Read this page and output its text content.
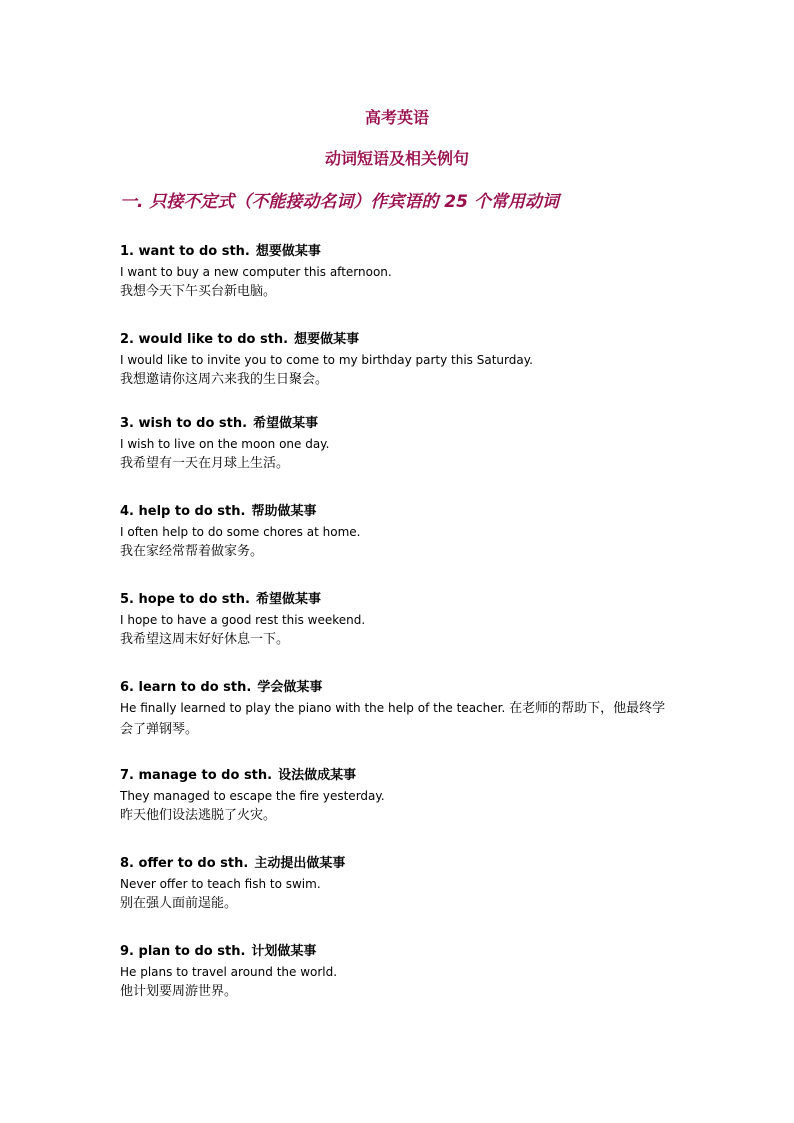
高考英语
动词短语及相关例句
一. 只接不定式（不能接动名词）作宾语的 25 个常用动词
1. want to do sth. 想要做某事
I want to buy a new computer this afternoon.
我想今天下午买台新电脑。
2. would like to do sth. 想要做某事
I would like to invite you to come to my birthday party this Saturday.
我想邀请你这周六来我的生日聚会。
3. wish to do sth. 希望做某事
I wish to live on the moon one day.
我希望有一天在月球上生活。
4. help to do sth. 帮助做某事
I often help to do some chores at home.
我在家经常帮着做家务。
5. hope to do sth. 希望做某事
I hope to have a good rest this weekend.
我希望这周末好好休息一下。
6. learn to do sth. 学会做某事
He finally learned to play the piano with the help of the teacher. 在老师的帮助下，他最终学会了弹钢琴。
7. manage to do sth. 设法做成某事
They managed to escape the fire yesterday.
昨天他们设法逃脱了火灾。
8. offer to do sth. 主动提出做某事
Never offer to teach fish to swim.
别在强人面前逞能。
9. plan to do sth. 计划做某事
He plans to travel around the world.
他计划要周游世界。
